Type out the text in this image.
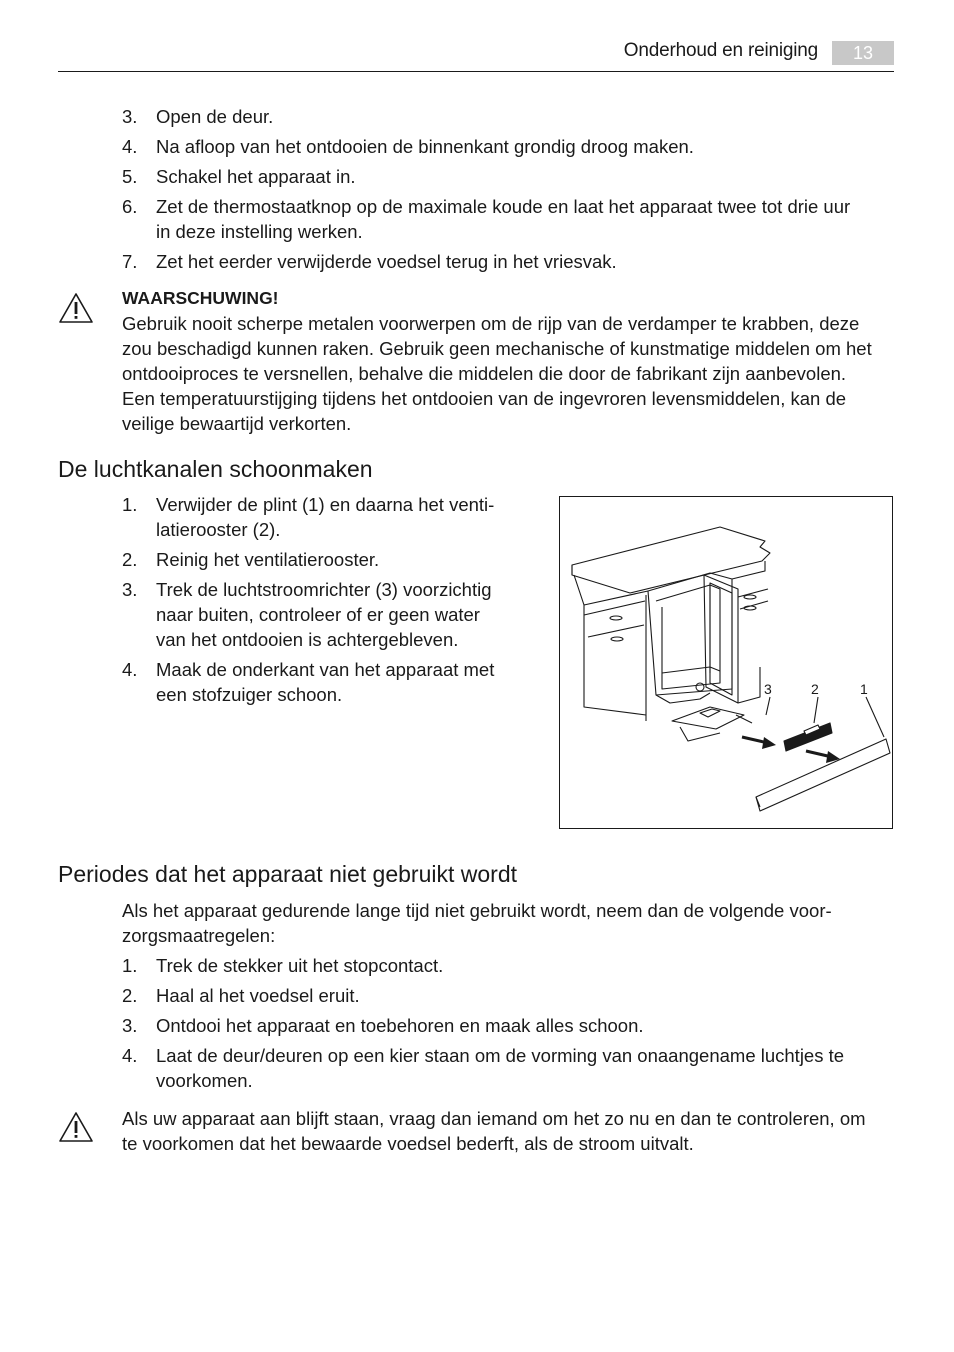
Onderhoud en reiniging	13
3. Open de deur.
4. Na afloop van het ontdooien de binnenkant grondig droog maken.
5. Schakel het apparaat in.
6. Zet de thermostaatknop op de maximale koude en laat het apparaat twee tot drie uur
in deze instelling werken.
7. Zet het eerder verwijderde voedsel terug in het vriesvak.
WAARSCHUWING!
Gebruik nooit scherpe metalen voorwerpen om de rijp van de verdamper te krabben, deze
zou beschadigd kunnen raken. Gebruik geen mechanische of kunstmatige middelen om het
ontdooiproces te versnellen, behalve die middelen die door de fabrikant zijn aanbevolen.
Een temperatuurstijging tijdens het ontdooien van de ingevroren levensmiddelen, kan de
veilige bewaartijd verkorten.
De luchtkanalen schoonmaken
1. Verwijder de plint (1) en daarna het venti-
latierooster (2).
2. Reinig het ventilatierooster.
3. Trek de luchtstroomrichter (3) voorzichtig
naar buiten, controleer of er geen water
van het ontdooien is achtergebleven.
4. Maak de onderkant van het apparaat met
een stofzuiger schoon.	3	2	1
Periodes dat het apparaat niet gebruikt wordt
Als het apparaat gedurende lange tijd niet gebruikt wordt, neem dan de volgende voor-
zorgsmaatregelen:
1. Trek de stekker uit het stopcontact.
2. Haal al het voedsel eruit.
3. Ontdooi het apparaat en toebehoren en maak alles schoon.
4. Laat de deur/deuren op een kier staan om de vorming van onaangename luchtjes te
voorkomen.
Als uw apparaat aan blijft staan, vraag dan iemand om het zo nu en dan te controleren, om
te voorkomen dat het bewaarde voedsel bederft, als de stroom uitvalt.
